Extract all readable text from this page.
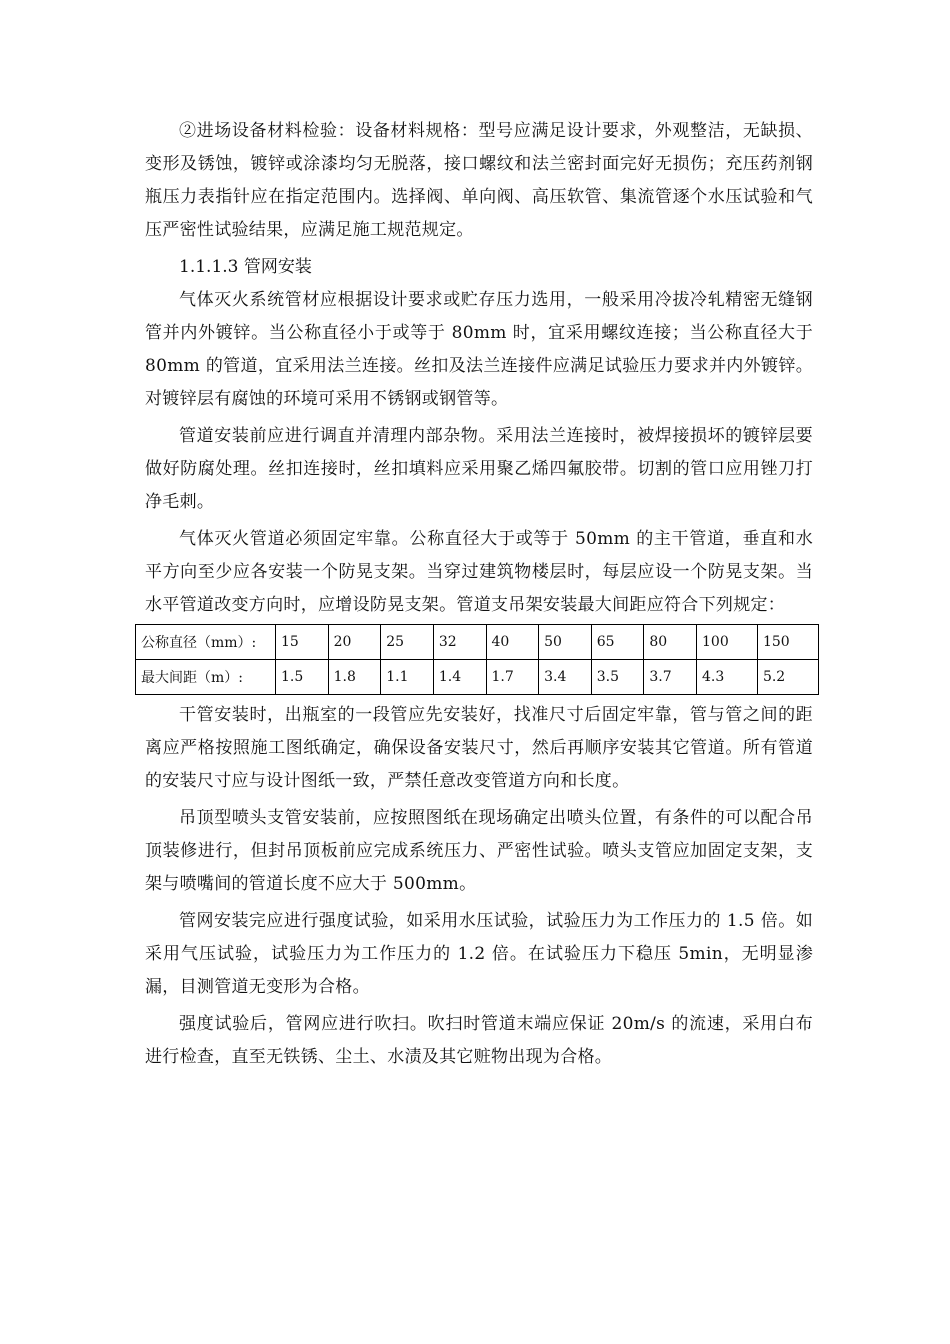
②进场设备材料检验：设备材料规格：型号应满足设计要求，外观整洁，无缺损、变形及锈蚀，镀锌或涂漆均匀无脱落，接口螺纹和法兰密封面完好无损伤；充压药剂钢瓶压力表指针应在指定范围内。选择阀、单向阀、高压软管、集流管逐个水压试验和气压严密性试验结果，应满足施工规范规定。

1.1.1.3 管网安装

气体灭火系统管材应根据设计要求或贮存压力选用，一般采用冷拔冷轧精密无缝钢管并内外镀锌。当公称直径小于或等于 80mm 时，宜采用螺纹连接；当公称直径大于 80mm 的管道，宜采用法兰连接。丝扣及法兰连接件应满足试验压力要求并内外镀锌。对镀锌层有腐蚀的环境可采用不锈钢或钢管等。

管道安装前应进行调直并清理内部杂物。采用法兰连接时，被焊接损坏的镀锌层要做好防腐处理。丝扣连接时，丝扣填料应采用聚乙烯四氟胶带。切割的管口应用锉刀打净毛刺。

气体灭火管道必须固定牢靠。公称直径大于或等于 50mm 的主干管道，垂直和水平方向至少应各安装一个防晃支架。当穿过建筑物楼层时，每层应设一个防晃支架。当水平管道改变方向时，应增设防晃支架。管道支吊架安装最大间距应符合下列规定：

公称直径（mm）:	15	20	25	32	40	50	65	80	100	150
最大间距（m）:	1.5	1.8	1.1	1.4	1.7	3.4	3.5	3.7	4.3	5.2

干管安装时，出瓶室的一段管应先安装好，找准尺寸后固定牢靠，管与管之间的距离应严格按照施工图纸确定，确保设备安装尺寸，然后再顺序安装其它管道。所有管道的安装尺寸应与设计图纸一致，严禁任意改变管道方向和长度。

吊顶型喷头支管安装前，应按照图纸在现场确定出喷头位置，有条件的可以配合吊顶装修进行，但封吊顶板前应完成系统压力、严密性试验。喷头支管应加固定支架，支架与喷嘴间的管道长度不应大于 500mm。

管网安装完应进行强度试验，如采用水压试验，试验压力为工作压力的 1.5 倍。如采用气压试验，试验压力为工作压力的 1.2 倍。在试验压力下稳压 5min，无明显渗漏，目测管道无变形为合格。

强度试验后，管网应进行吹扫。吹扫时管道末端应保证 20m/s 的流速，采用白布进行检查，直至无铁锈、尘土、水渍及其它赃物出现为合格。
